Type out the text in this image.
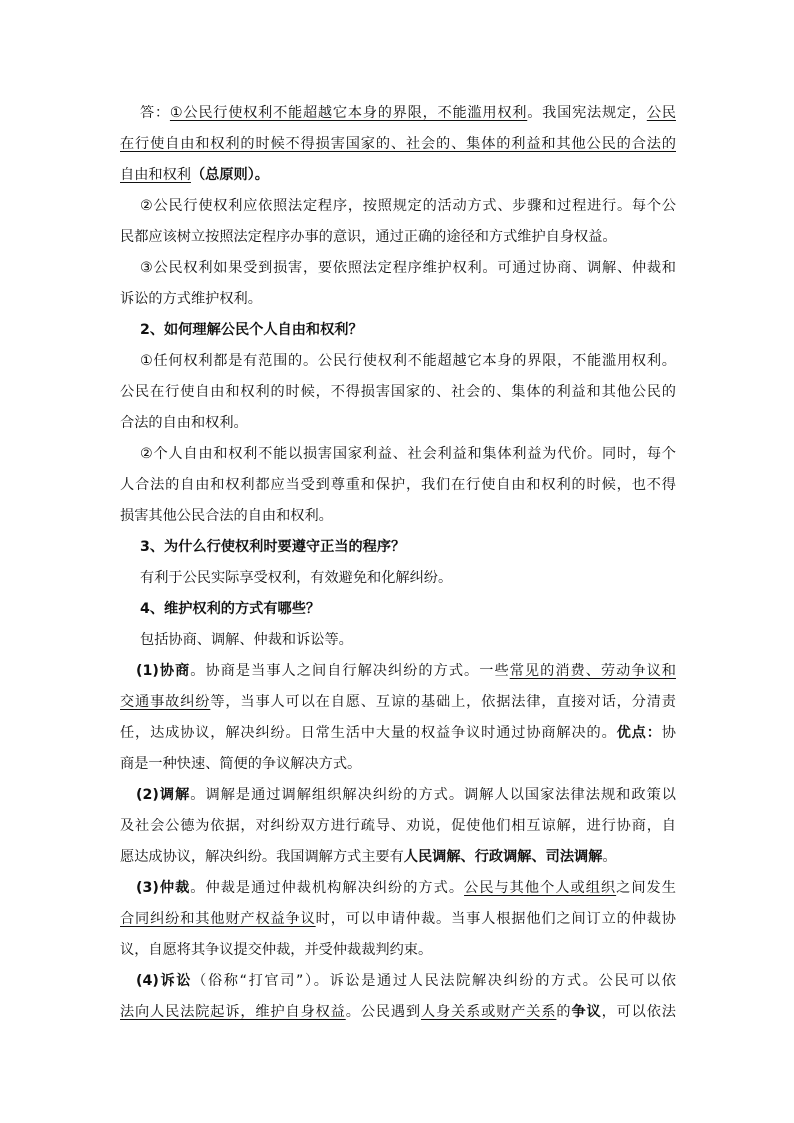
答：①公民行使权利不能超越它本身的界限，不能滥用权利。我国宪法规定，公民
在行使自由和权利的时候不得损害国家的、社会的、集体的利益和其他公民的合法的
自由和权利（总原则）。
②公民行使权利应依照法定程序，按照规定的活动方式、步骤和过程进行。每个公
民都应该树立按照法定程序办事的意识，通过正确的途径和方式维护自身权益。
③公民权利如果受到损害，要依照法定程序维护权利。可通过协商、调解、仲裁和
诉讼的方式维护权利。
2、如何理解公民个人自由和权利？
①任何权利都是有范围的。公民行使权利不能超越它本身的界限，不能滥用权利。
公民在行使自由和权利的时候，不得损害国家的、社会的、集体的利益和其他公民的
合法的自由和权利。
②个人自由和权利不能以损害国家利益、社会利益和集体利益为代价。同时，每个
人合法的自由和权利都应当受到尊重和保护，我们在行使自由和权利的时候，也不得
损害其他公民合法的自由和权利。
3、为什么行使权利时要遵守正当的程序？
有利于公民实际享受权利，有效避免和化解纠纷。
4、维护权利的方式有哪些？
包括协商、调解、仲裁和诉讼等。
(1)协商。协商是当事人之间自行解决纠纷的方式。一些常见的消费、劳动争议和
交通事故纠纷等，当事人可以在自愿、互谅的基础上，依据法律，直接对话，分清责
任，达成协议，解决纠纷。日常生活中大量的权益争议时通过协商解决的。优点：协
商是一种快速、简便的争议解决方式。
(2)调解。调解是通过调解组织解决纠纷的方式。调解人以国家法律法规和政策以
及社会公德为依据，对纠纷双方进行疏导、劝说，促使他们相互谅解，进行协商，自
愿达成协议，解决纠纷。我国调解方式主要有人民调解、行政调解、司法调解。
(3)仲裁。仲裁是通过仲裁机构解决纠纷的方式。公民与其他个人或组织之间发生
合同纠纷和其他财产权益争议时，可以申请仲裁。当事人根据他们之间订立的仲裁协
议，自愿将其争议提交仲裁，并受仲裁裁判约束。
(4)诉讼（俗称“打官司”）。诉讼是通过人民法院解决纠纷的方式。公民可以依
法向人民法院起诉，维护自身权益。公民遇到人身关系或财产关系的争议，可以依法
